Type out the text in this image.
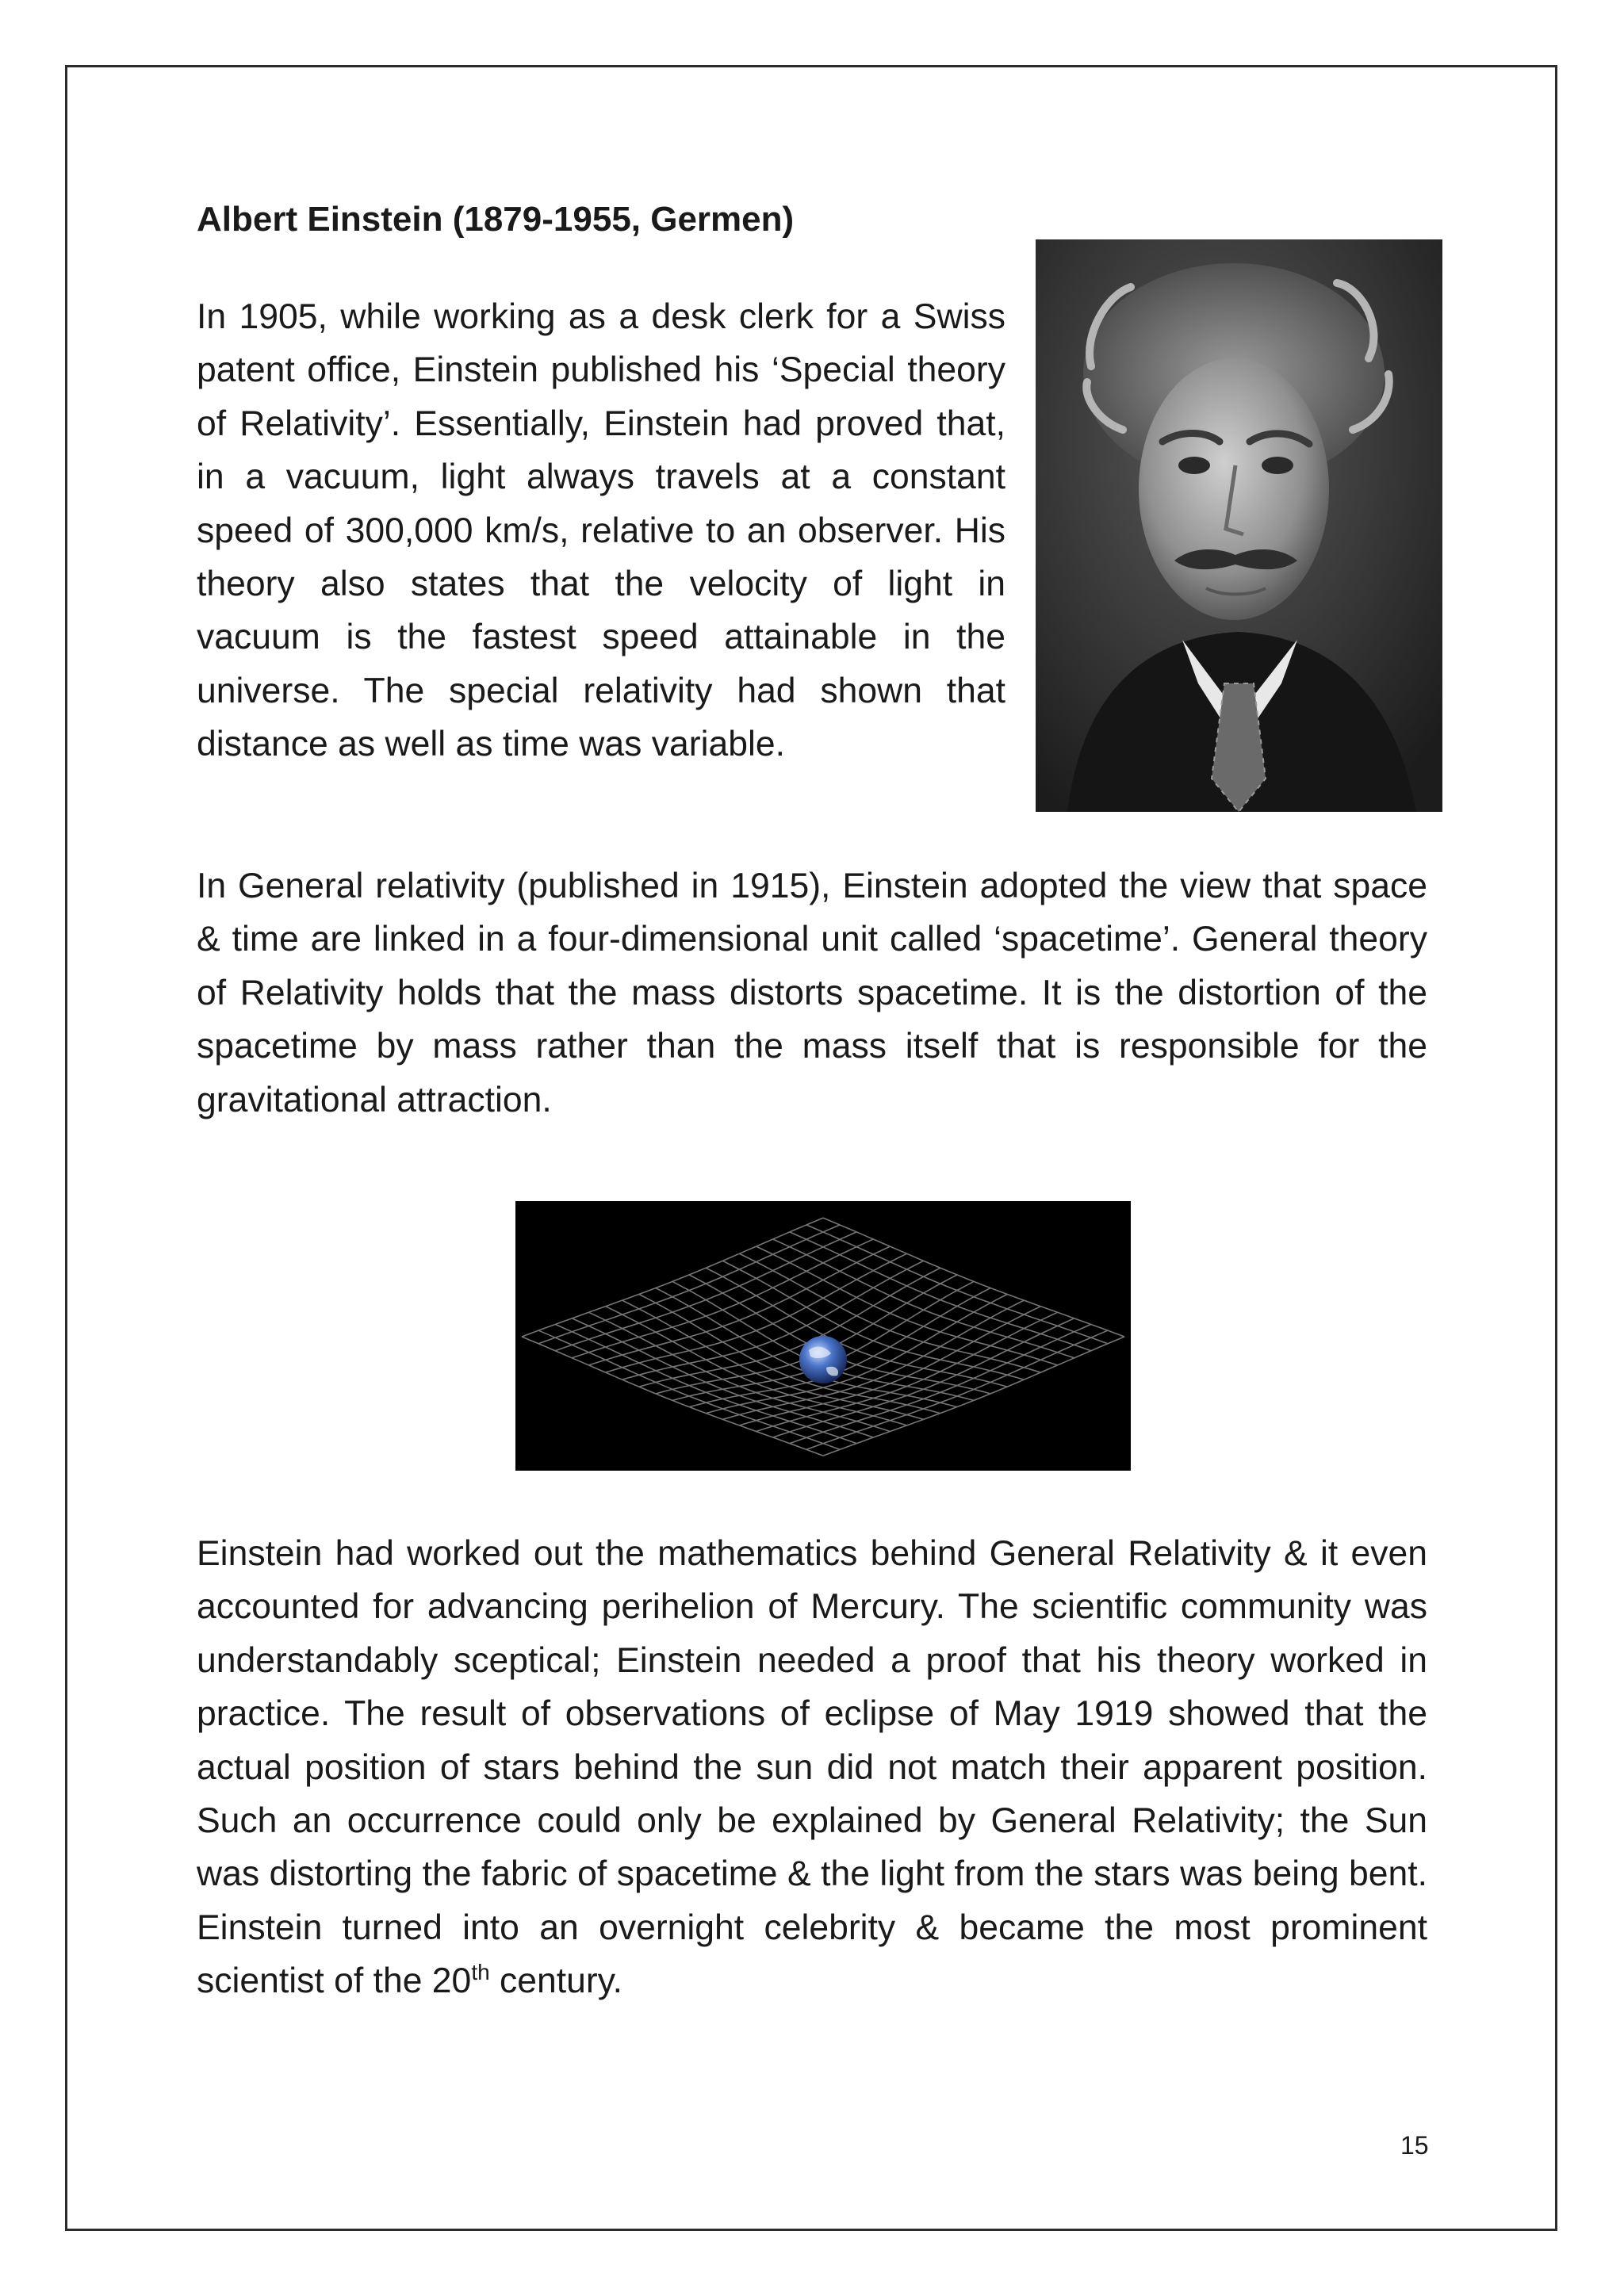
Albert Einstein (1879-1955, Germen)

In 1905, while working as a desk clerk for a Swiss patent office, Einstein published his ‘Special theory of Relativity’. Essentially, Einstein had proved that, in a vacuum, light always travels at a constant speed of 300,000 km/s, relative to an observer. His theory also states that the velocity of light in vacuum is the fastest speed attainable in the universe. The special relativity had shown that distance as well as time was variable.

In General relativity (published in 1915), Einstein adopted the view that space & time are linked in a four-dimensional unit called ‘spacetime’. General theory of Relativity holds that the mass distorts spacetime. It is the distortion of the spacetime by mass rather than the mass itself that is responsible for the gravitational attraction.

Einstein had worked out the mathematics behind General Relativity & it even accounted for advancing perihelion of Mercury. The scientific community was understandably sceptical; Einstein needed a proof that his theory worked in practice. The result of observations of eclipse of May 1919 showed that the actual position of stars behind the sun did not match their apparent position. Such an occurrence could only be explained by General Relativity; the Sun was distorting the fabric of spacetime & the light from the stars was being bent. Einstein turned into an overnight celebrity & became the most prominent scientist of the 20th century.

15
